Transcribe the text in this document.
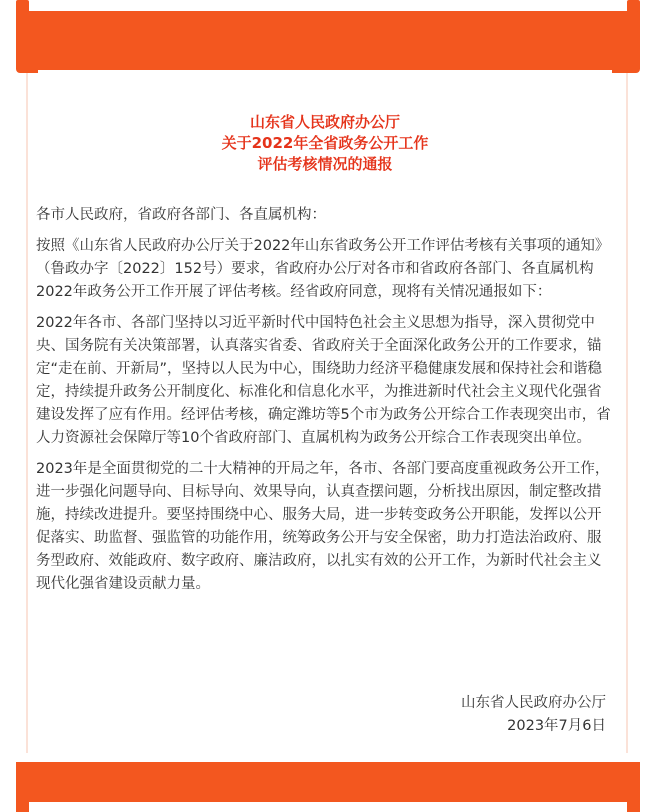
山东省人民政府办公厅
关于2022年全省政务公开工作
评估考核情况的通报

各市人民政府，省政府各部门、各直属机构：

按照《山东省人民政府办公厅关于2022年山东省政务公开工作评估考核有关事项的通知》（鲁政办字〔2022〕152号）要求，省政府办公厅对各市和省政府各部门、各直属机构2022年政务公开工作开展了评估考核。经省政府同意，现将有关情况通报如下：

2022年各市、各部门坚持以习近平新时代中国特色社会主义思想为指导，深入贯彻党中央、国务院有关决策部署，认真落实省委、省政府关于全面深化政务公开的工作要求，锚定“走在前、开新局”，坚持以人民为中心，围绕助力经济平稳健康发展和保持社会和谐稳定，持续提升政务公开制度化、标准化和信息化水平，为推进新时代社会主义现代化强省建设发挥了应有作用。经评估考核，确定潍坊等5个市为政务公开综合工作表现突出市，省人力资源社会保障厅等10个省政府部门、直属机构为政务公开综合工作表现突出单位。

2023年是全面贯彻党的二十大精神的开局之年，各市、各部门要高度重视政务公开工作，进一步强化问题导向、目标导向、效果导向，认真查摆问题，分析找出原因，制定整改措施，持续改进提升。要坚持围绕中心、服务大局，进一步转变政务公开职能，发挥以公开促落实、助监督、强监管的功能作用，统筹政务公开与安全保密，助力打造法治政府、服务型政府、效能政府、数字政府、廉洁政府，以扎实有效的公开工作，为新时代社会主义现代化强省建设贡献力量。

山东省人民政府办公厅
2023年7月6日
